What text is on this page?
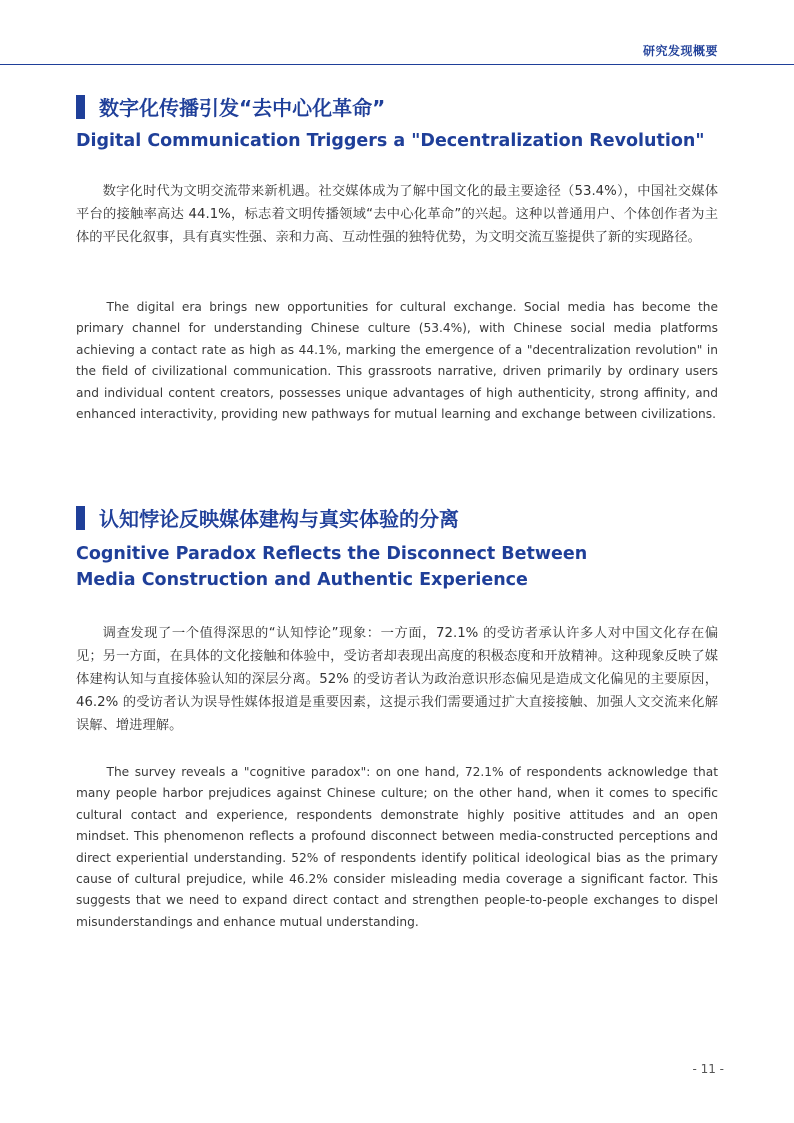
研究发现概要
数字化传播引发“去中心化革命”
Digital Communication Triggers a "Decentralization Revolution"

数字化时代为文明交流带来新机遇。社交媒体成为了解中国文化的最主要途径（53.4%），中国社交媒体平台的接触率高达 44.1%，标志着文明传播领域“去中心化革命”的兴起。这种以普通用户、个体创作者为主体的平民化叙事，具有真实性强、亲和力高、互动性强的独特优势，为文明交流互鉴提供了新的实现路径。

The digital era brings new opportunities for cultural exchange. Social media has become the primary channel for understanding Chinese culture (53.4%), with Chinese social media platforms achieving a contact rate as high as 44.1%, marking the emergence of a "decentralization revolution" in the field of civilizational communication. This grassroots narrative, driven primarily by ordinary users and individual content creators, possesses unique advantages of high authenticity, strong affinity, and enhanced interactivity, providing new pathways for mutual learning and exchange between civilizations.

认知悖论反映媒体建构与真实体验的分离
Cognitive Paradox Reflects the Disconnect Between Media Construction and Authentic Experience

调查发现了一个值得深思的“认知悖论”现象：一方面，72.1% 的受访者承认许多人对中国文化存在偏见；另一方面，在具体的文化接触和体验中，受访者却表现出高度的积极态度和开放精神。这种现象反映了媒体建构认知与直接体验认知的深层分离。52% 的受访者认为政治意识形态偏见是造成文化偏见的主要原因，46.2% 的受访者认为误导性媒体报道是重要因素，这提示我们需要通过扩大直接接触、加强人文交流来化解误解、增进理解。

The survey reveals a "cognitive paradox": on one hand, 72.1% of respondents acknowledge that many people harbor prejudices against Chinese culture; on the other hand, when it comes to specific cultural contact and experience, respondents demonstrate highly positive attitudes and an open mindset. This phenomenon reflects a profound disconnect between media-constructed perceptions and direct experiential understanding. 52% of respondents identify political ideological bias as the primary cause of cultural prejudice, while 46.2% consider misleading media coverage a significant factor. This suggests that we need to expand direct contact and strengthen people-to-people exchanges to dispel misunderstandings and enhance mutual understanding.

- 11 -
